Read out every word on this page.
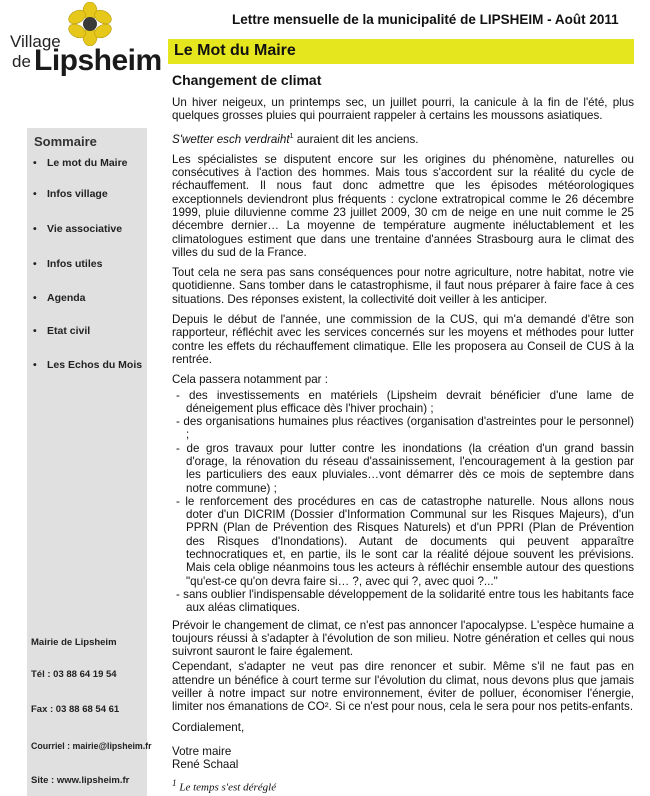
Village
de Lipsheim
Lettre mensuelle de la municipalité de LIPSHEIM - Août 2011
Le Mot du Maire
Changement de climat
Sommaire
• Le mot du Maire
• Infos village
• Vie associative
• Infos utiles
• Agenda
• Etat civil
• Les Echos du Mois
Mairie de Lipsheim
Tél : 03 88 64 19 54
Fax : 03 88 68 54 61
Courriel : mairie@lipsheim.fr
Site : www.lipsheim.fr

Un hiver neigeux, un printemps sec, un juillet pourri, la canicule à la fin de l'été, plus quelques grosses pluies qui pourraient rappeler à certains les moussons asiatiques.

S'wetter esch verdraiht$^1$ auraient dit les anciens.

Les spécialistes se disputent encore sur les origines du phénomène, naturelles ou consécutives à l'action des hommes. Mais tous s'accordent sur la réalité du cycle de réchauffement. Il nous faut donc admettre que les épisodes météorologiques exceptionnels deviendront plus fréquents : cyclone extratropical comme le 26 décembre 1999, pluie diluvienne comme 23 juillet 2009, 30 cm de neige en une nuit comme le 25 décembre dernier… La moyenne de température augmente inéluctablement et les climatologues estiment que dans une trentaine d'années Strasbourg aura le climat des villes du sud de la France.

Tout cela ne sera pas sans conséquences pour notre agriculture, notre habitat, notre vie quotidienne. Sans tomber dans le catastrophisme, il faut nous préparer à faire face à ces situations. Des réponses existent, la collectivité doit veiller à les anticiper.

Depuis le début de l'année, une commission de la CUS, qui m'a demandé d'être son rapporteur, réfléchit avec les services concernés sur les moyens et méthodes pour lutter contre les effets du réchauffement climatique. Elle les proposera au Conseil de CUS à la rentrée.

Cela passera notamment par :

- des investissements en matériels (Lipsheim devrait bénéficier d'une lame de déneigement plus efficace dès l'hiver prochain) ;
- des organisations humaines plus réactives (organisation d'astreintes pour le personnel) ;
- de gros travaux pour lutter contre les inondations (la création d'un grand bassin d'orage, la rénovation du réseau d'assainissement, l'encouragement à la gestion par les particuliers des eaux pluviales…vont démarrer dès ce mois de septembre dans notre commune) ;
- le renforcement des procédures en cas de catastrophe naturelle. Nous allons nous doter d'un DICRIM (Dossier d'Information Communal sur les Risques Majeurs), d'un PPRN (Plan de Prévention des Risques Naturels) et d'un PPRI (Plan de Prévention des Risques d'Inondations). Autant de documents qui peuvent apparaître technocratiques et, en partie, ils le sont car la réalité déjoue souvent les prévisions. Mais cela oblige néanmoins tous les acteurs à réfléchir ensemble autour des questions "qu'est-ce qu'on devra faire si… ?, avec qui ?, avec quoi ?..."
- sans oublier l'indispensable développement de la solidarité entre tous les habitants face aux aléas climatiques.

Prévoir le changement de climat, ce n'est pas annoncer l'apocalypse. L'espèce humaine a toujours réussi à s'adapter à l'évolution de son milieu. Notre génération et celles qui nous suivront sauront le faire également.

Cependant, s'adapter ne veut pas dire renoncer et subir. Même s'il ne faut pas en attendre un bénéfice à court terme sur l'évolution du climat, nous devons plus que jamais veiller à notre impact sur notre environnement, éviter de polluer, économiser l'énergie, limiter nos émanations de CO². Si ce n'est pour nous, cela le sera pour nos petits-enfants.

Cordialement,

Votre maire

René Schaal

$^1$ Le temps s'est déréglé
